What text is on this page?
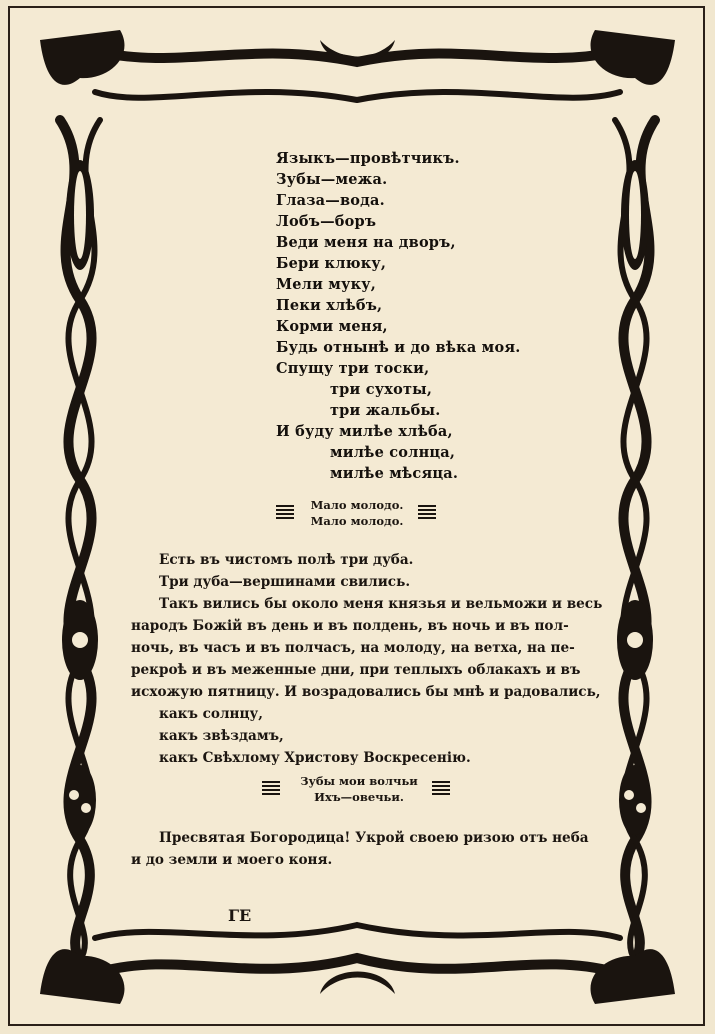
Языкъ—провѣтчикъ.
Зубы—межа.
Глаза—вода.
Лобъ—боръ
Веди меня на дворъ,
Бери клюку,
Мели муку,
Пеки хлѣбъ,
Корми меня,
Будь отнынѣ и до вѣка моя.
Спущу три тоски,
три сухоты,
три жальбы.
И буду милѣе хлѣба,
милѣе солнца,
милѣе мѣсяца.
Мало молодо.
Мало молодо.
Есть въ чистомъ полѣ три дуба.
Три дуба—вершинами свились.
Такъ вились бы около меня князья и вельможи и весь
народъ Божій въ день и въ полдень, въ ночь и въ пол-
ночь, въ часъ и въ полчасъ, на молоду, на ветха, на пе-
рекроѣ и въ меженные дни, при теплыхъ облакахъ и въ
исхожую пятницу. И возрадовались бы мнѣ и радовались,
какъ солнцу,
какъ звѣздамъ,
какъ Свѣхлому Христову Воскресенію.
Зубы мои волчьи
Ихъ—овечьи.
Пресвятая Богородица! Укрой своею ризою отъ неба
и до земли и моего коня.
ГЕ
